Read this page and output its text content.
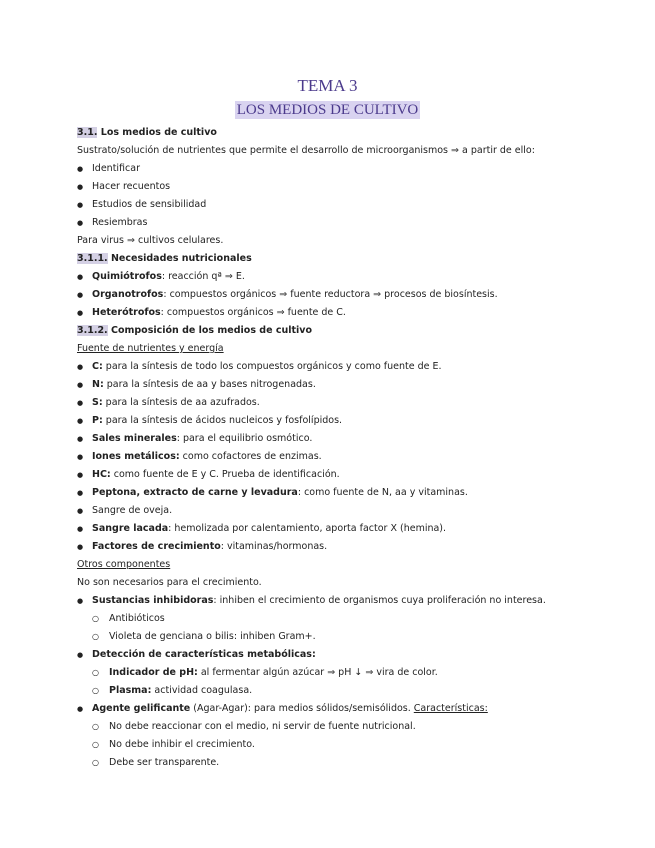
TEMA 3
LOS MEDIOS DE CULTIVO
3.1. Los medios de cultivo
Sustrato/solución de nutrientes que permite el desarrollo de microorganismos ⇒ a partir de ello:
● Identificar
● Hacer recuentos
● Estudios de sensibilidad
● Resiembras
Para virus ⇒ cultivos celulares.
3.1.1. Necesidades nutricionales
● Quimiótrofos: reacción qª ⇒ E.
● Organotrofos: compuestos orgánicos ⇒ fuente reductora ⇒ procesos de biosíntesis.
● Heterótrofos: compuestos orgánicos ⇒ fuente de C.
3.1.2. Composición de los medios de cultivo
Fuente de nutrientes y energía
● C: para la síntesis de todo los compuestos orgánicos y como fuente de E.
● N: para la síntesis de aa y bases nitrogenadas.
● S: para la síntesis de aa azufrados.
● P: para la síntesis de ácidos nucleicos y fosfolípidos.
● Sales minerales: para el equilibrio osmótico.
● Iones metálicos: como cofactores de enzimas.
● HC: como fuente de E y C. Prueba de identificación.
● Peptona, extracto de carne y levadura: como fuente de N, aa y vitaminas.
● Sangre de oveja.
● Sangre lacada: hemolizada por calentamiento, aporta factor X (hemina).
● Factores de crecimiento: vitaminas/hormonas.
Otros componentes
No son necesarios para el crecimiento.
● Sustancias inhibidoras: inhiben el crecimiento de organismos cuya proliferación no interesa.
○ Antibióticos
○ Violeta de genciana o bilis: inhiben Gram+.
● Detección de características metabólicas:
○ Indicador de pH: al fermentar algún azúcar ⇒ pH ↓ ⇒ vira de color.
○ Plasma: actividad coagulasa.
● Agente gelificante (Agar-Agar): para medios sólidos/semisólidos. Características:
○ No debe reaccionar con el medio, ni servir de fuente nutricional.
○ No debe inhibir el crecimiento.
○ Debe ser transparente.
